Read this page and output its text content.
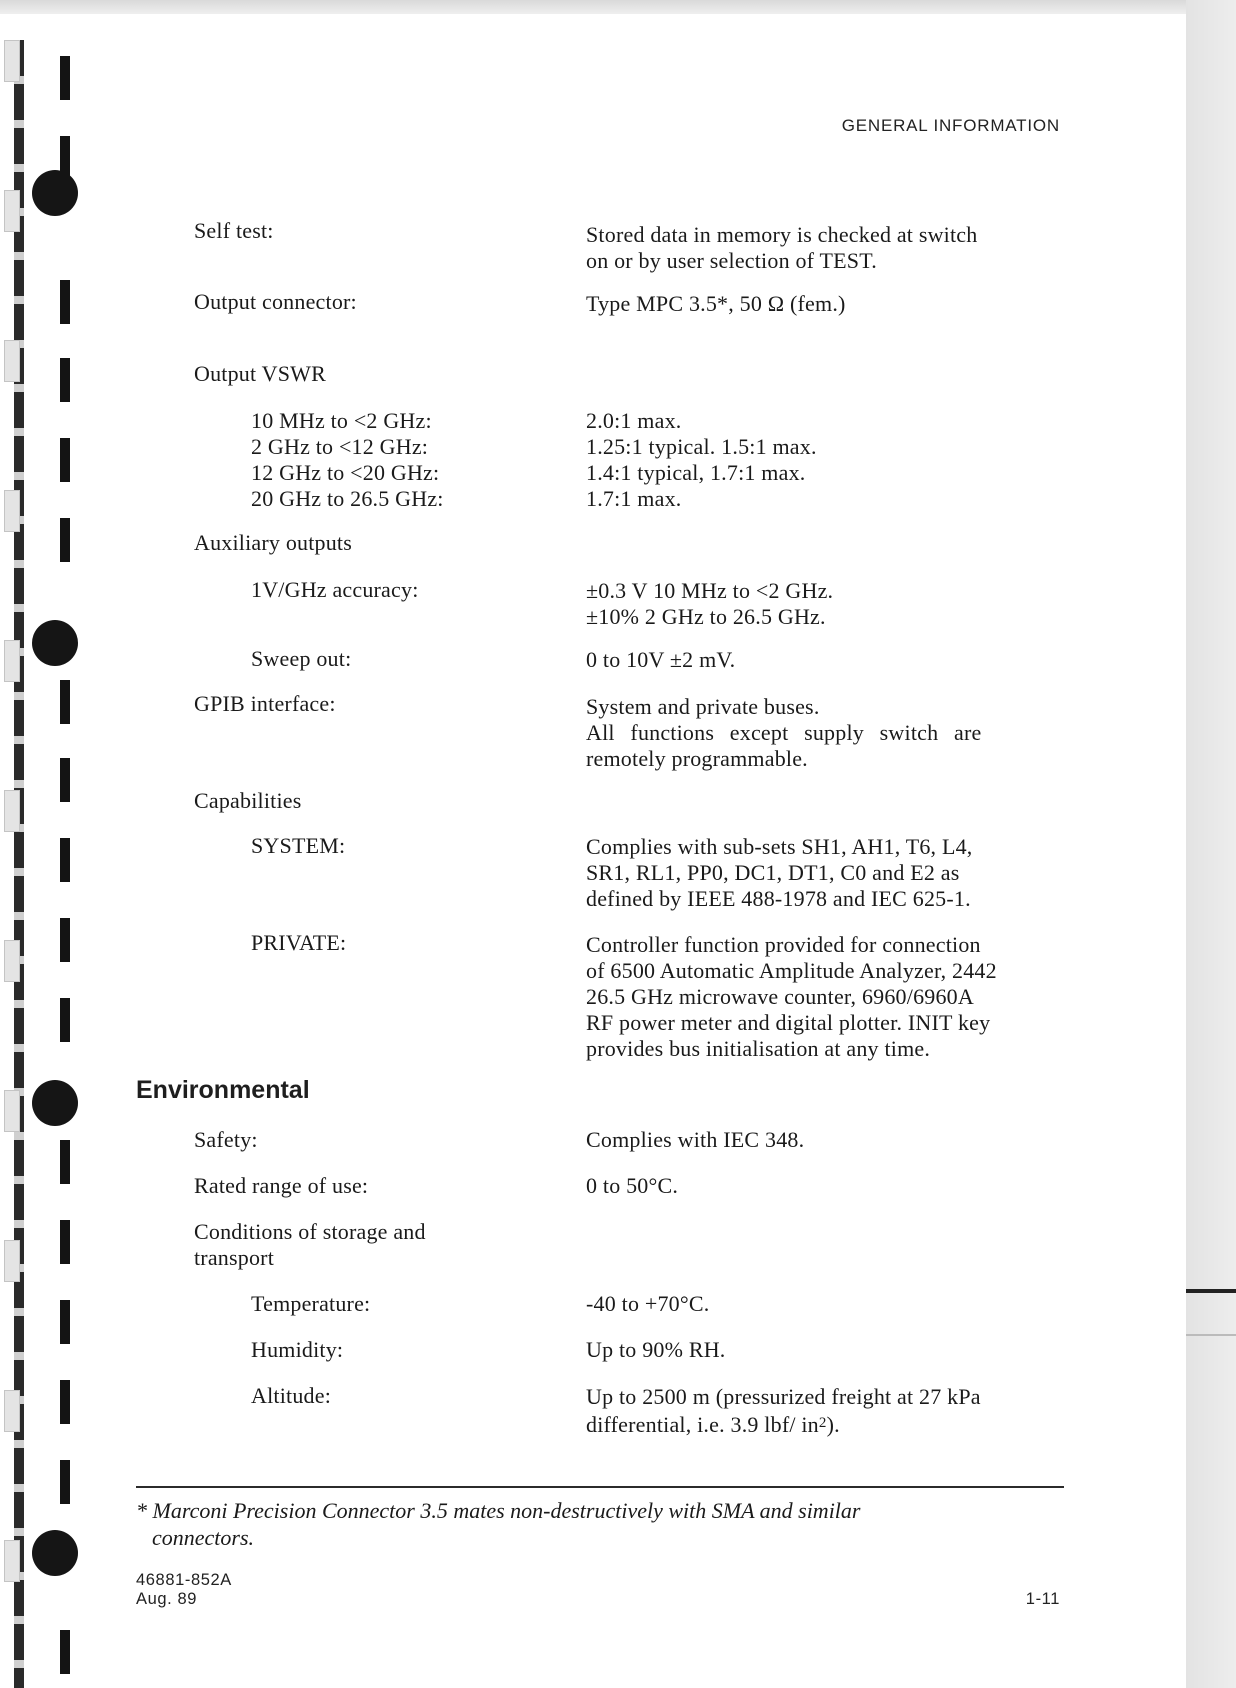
GENERAL INFORMATION
Self test:	Stored data in memory is checked at switch
on or by user selection of TEST.
Output connector:	Type MPC 3.5*, 50 Ω (fem.)
Output VSWR
10 MHz to <2 GHz:	2.0:1 max.
2 GHz to <12 GHz:	1.25:1 typical. 1.5:1 max.
12 GHz to <20 GHz:	1.4:1 typical, 1.7:1 max.
20 GHz to 26.5 GHz:	1.7:1 max.
Auxiliary outputs
1V/GHz accuracy:	±0.3 V 10 MHz to <2 GHz.
±10% 2 GHz to 26.5 GHz.
Sweep out:	0 to 10V ±2 mV.
GPIB interface:	System and private buses.
All functions except supply switch are
remotely programmable.
Capabilities
SYSTEM:	Complies with sub-sets SH1, AH1, T6, L4,
SR1, RL1, PP0, DC1, DT1, C0 and E2 as
defined by IEEE 488-1978 and IEC 625-1.
PRIVATE:	Controller function provided for connection
of 6500 Automatic Amplitude Analyzer, 2442
26.5 GHz microwave counter, 6960/6960A
RF power meter and digital plotter. INIT key
provides bus initialisation at any time.
Environmental
Safety:	Complies with IEC 348.
Rated range of use:	0 to 50°C.
Conditions of storage and
transport
Temperature:	-40 to +70°C.
Humidity:	Up to 90% RH.
Altitude:	Up to 2500 m (pressurized freight at 27 kPa
differential, i.e. 3.9 lbf/ $in^2$).
* Marconi Precision Connector 3.5 mates non-destructively with SMA and similar
connectors.
46881-852A
Aug. 89	1-11
